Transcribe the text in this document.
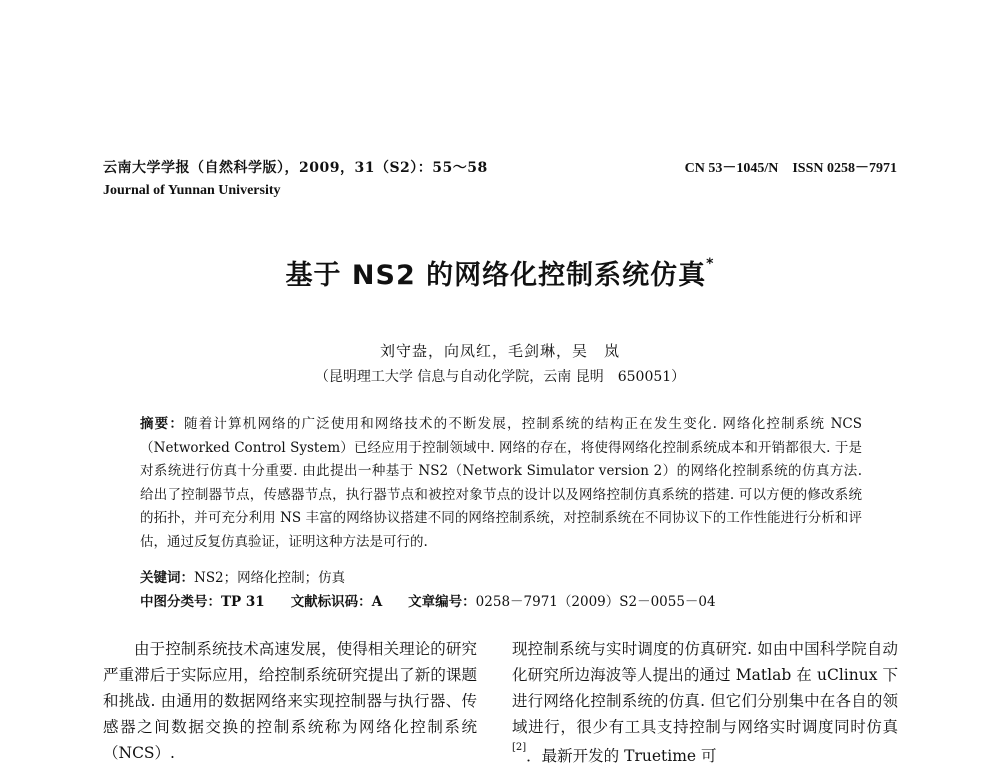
云南大学学报（自然科学版），2009，31（S2）：55～58
Journal of Yunnan University
CN 53－1045/N　ISSN 0258－7971
基于 NS2 的网络化控制系统仿真*
刘守盎，向凤红，毛剑琳，吴　岚
（昆明理工大学 信息与自动化学院，云南 昆明　650051）
摘要：随着计算机网络的广泛使用和网络技术的不断发展，控制系统的结构正在发生变化. 网络化控制系统 NCS（Networked Control System）已经应用于控制领域中. 网络的存在，将使得网络化控制系统成本和开销都很大. 于是对系统进行仿真十分重要. 由此提出一种基于 NS2（Network Simulator version 2）的网络化控制系统的仿真方法. 给出了控制器节点，传感器节点，执行器节点和被控对象节点的设计以及网络控制仿真系统的搭建. 可以方便的修改系统的拓扑，并可充分利用 NS 丰富的网络协议搭建不同的网络控制系统，对控制系统在不同协议下的工作性能进行分析和评估，通过反复仿真验证，证明这种方法是可行的.
关键词：NS2；网络化控制；仿真
中图分类号：TP 31 文献标识码：A 文章编号：0258－7971（2009）S2－0055－04
由于控制系统技术高速发展，使得相关理论的研究严重滞后于实际应用，给控制系统研究提出了新的课题和挑战. 由通用的数据网络来实现控制器与执行器、传感器之间数据交换的控制系统称为网络化控制系统（NCS）.
现控制系统与实时调度的仿真研究. 如由中国科学院自动化研究所边海波等人提出的通过 Matlab 在 uClinux 下进行网络化控制系统的仿真. 但它们分别集中在各自的领域进行，很少有工具支持控制与网络实时调度同时仿真[2]．最新开发的 Truetime 可
